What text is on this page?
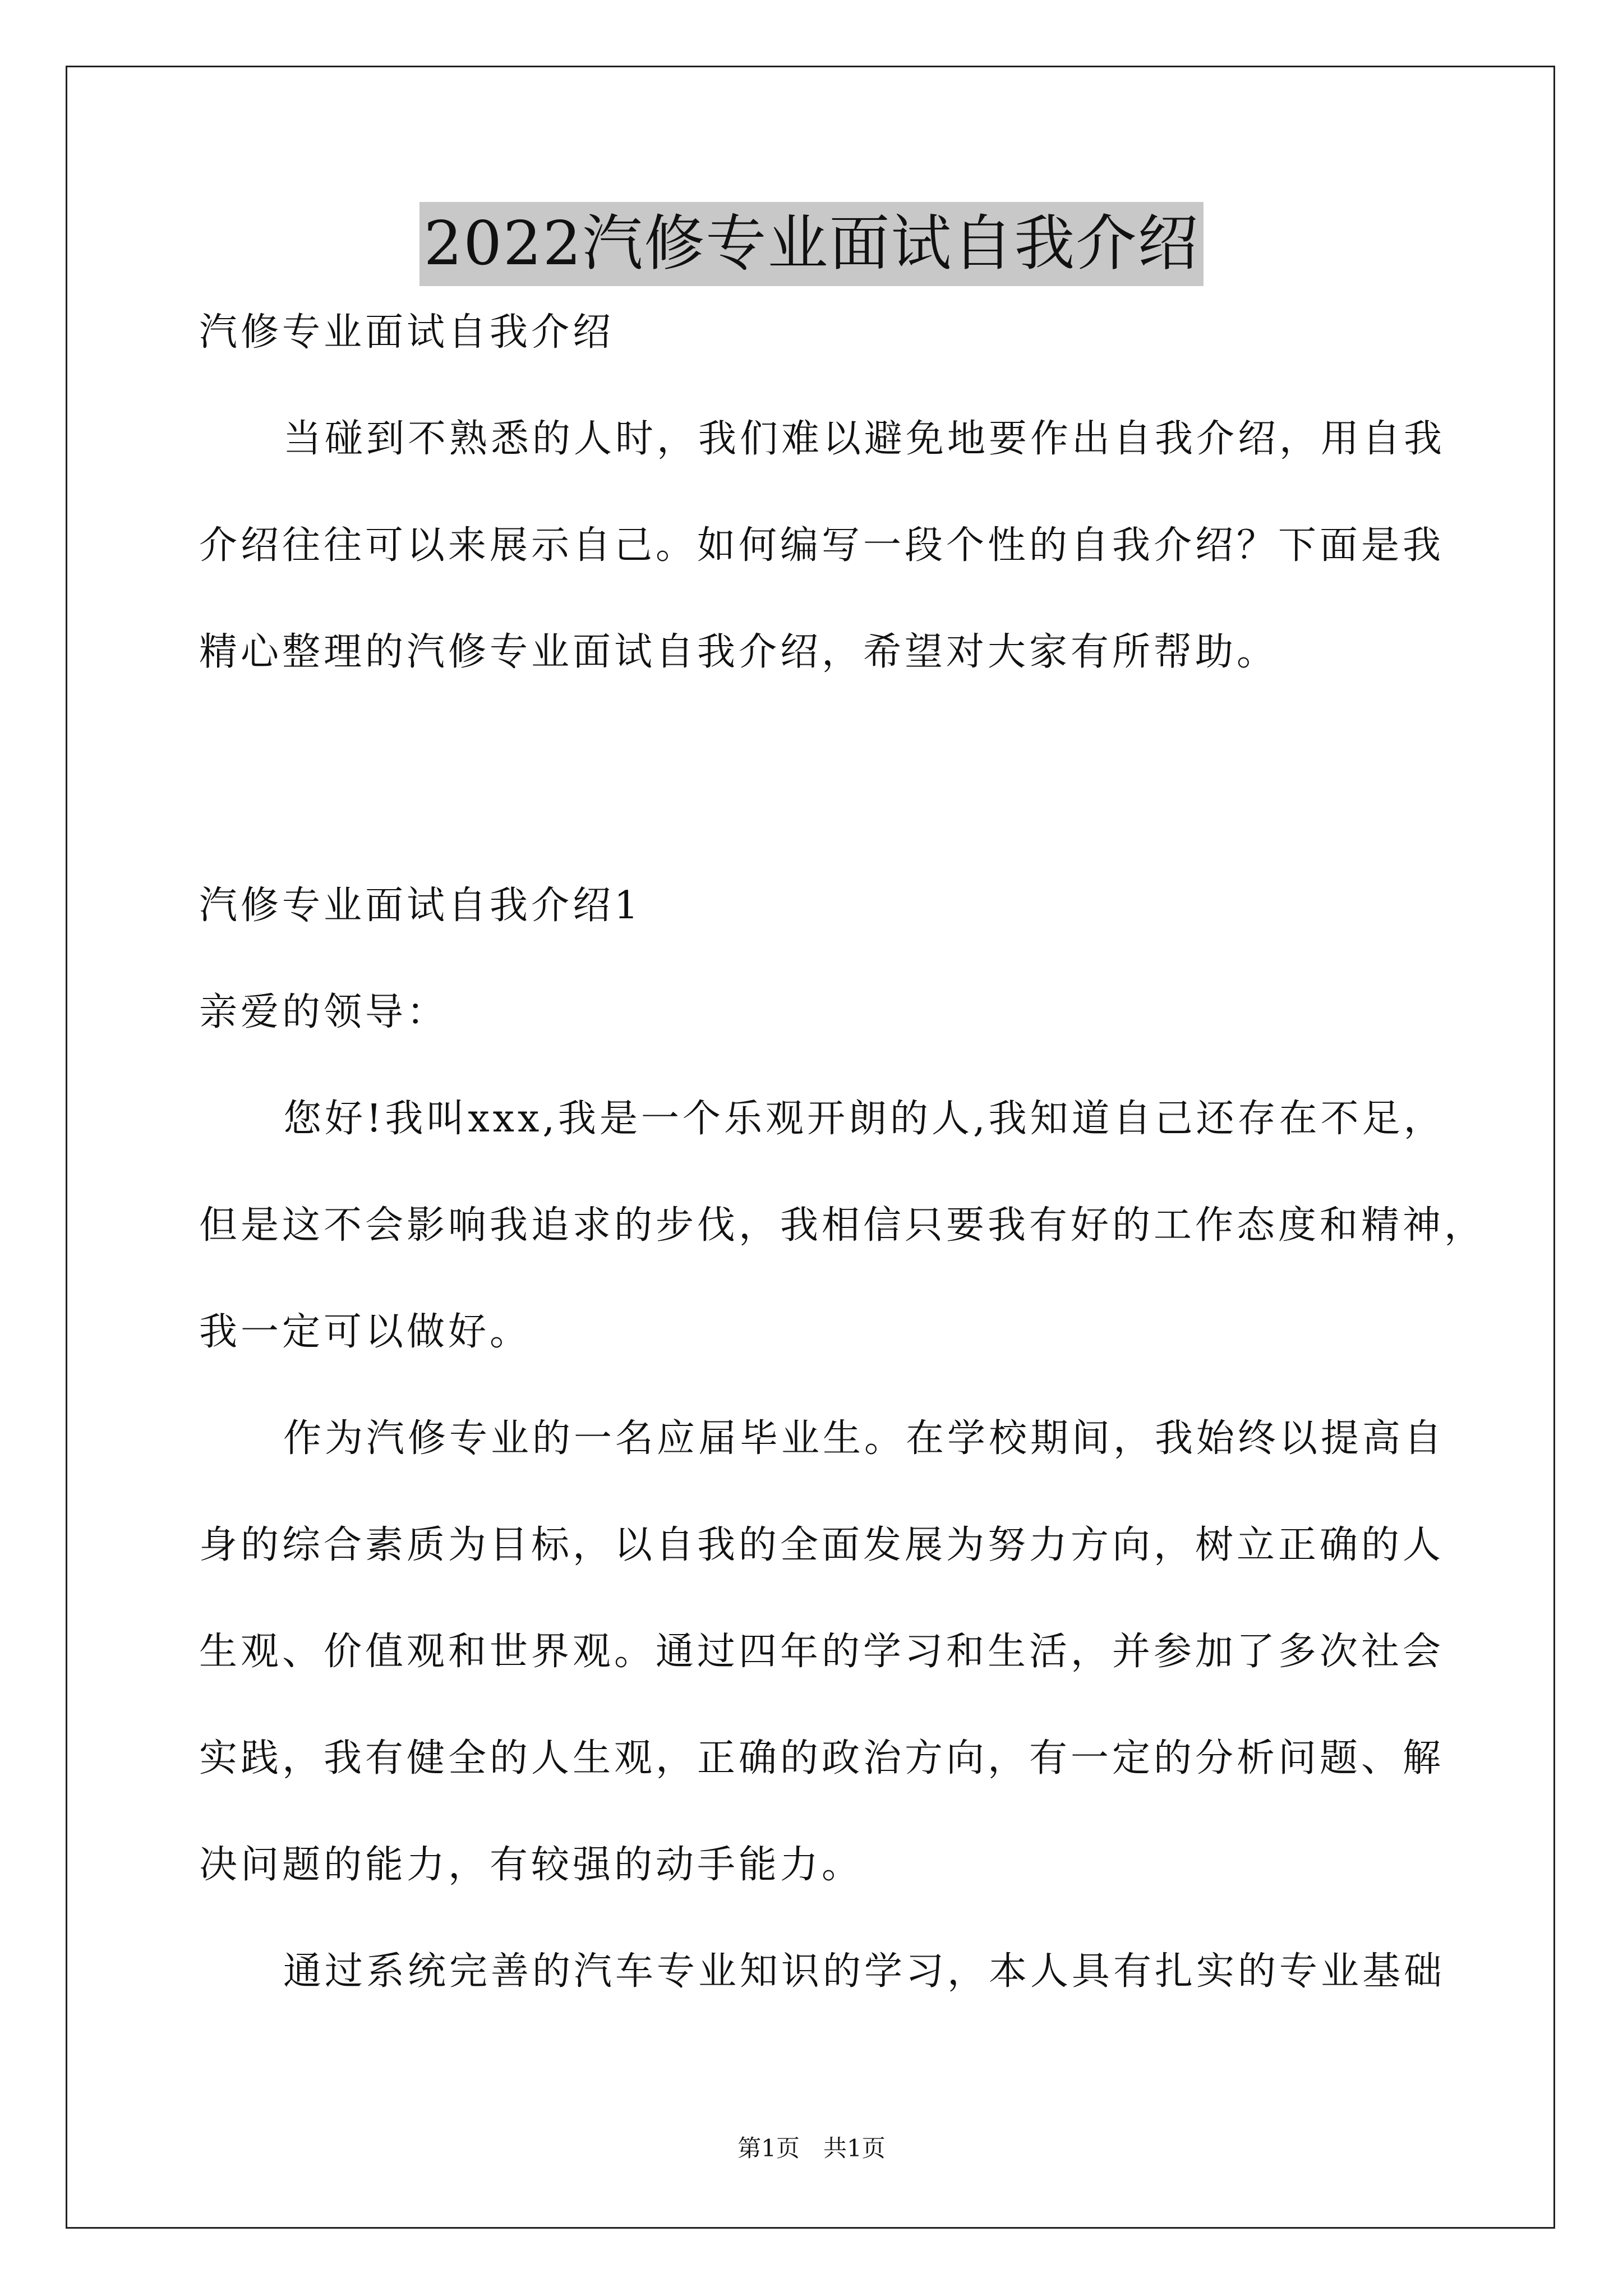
2022汽修专业面试自我介绍

汽修专业面试自我介绍

当碰到不熟悉的人时，我们难以避免地要作出自我介绍，用自我

介绍往往可以来展示自己。如何编写一段个性的自我介绍？下面是我

精心整理的汽修专业面试自我介绍，希望对大家有所帮助。

汽修专业面试自我介绍1

亲爱的领导：

您好!我叫xxx,我是一个乐观开朗的人,我知道自己还存在不足，

但是这不会影响我追求的步伐，我相信只要我有好的工作态度和精神，

我一定可以做好。

作为汽修专业的一名应届毕业生。在学校期间，我始终以提高自

身的综合素质为目标，以自我的全面发展为努力方向，树立正确的人

生观、价值观和世界观。通过四年的学习和生活，并参加了多次社会

实践，我有健全的人生观，正确的政治方向，有一定的分析问题、解

决问题的能力，有较强的动手能力。

通过系统完善的汽车专业知识的学习，本人具有扎实的专业基础

第1页　共1页
